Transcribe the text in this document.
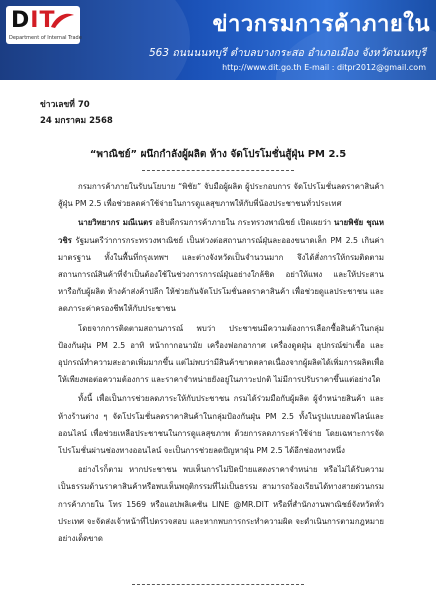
DIT
Department of Internal Trade
ข่าวกรมการค้าภายใน
563 ถนนนนทบุรี ตำบลบางกระสอ อำเภอเมือง จังหวัดนนทบุรี
http://www.dit.go.th E-mail : ditpr2012@gmail.com
ข่าวเลขที่ 70
24 มกราคม 2568
“พาณิชย์” ผนึกกำลังผู้ผลิต ห้าง จัดโปรโมชั่นสู้ฝุ่น PM 2.5

กรมการค้าภายในรับนโยบาย “พิชัย” จับมือผู้ผลิต ผู้ประกอบการ จัดโปรโมชั่นลดราคาสินค้าสู้ฝุ่น PM 2.5 เพื่อช่วยลดค่าใช้จ่ายในการดูแลสุขภาพให้กับพี่น้องประชาชนทั่วประเทศ

นายวิทยากร มณีเนตร อธิบดีกรมการค้าภายใน กระทรวงพาณิชย์ เปิดเผยว่า นายพิชัย ชุณหวชิร รัฐมนตรีว่าการกระทรวงพาณิชย์ เป็นห่วงต่อสถานการณ์ฝุ่นละอองขนาดเล็ก PM 2.5 เกินค่ามาตรฐาน ทั้งในพื้นที่กรุงเทพฯ และต่างจังหวัดเป็นจำนวนมาก จึงได้สั่งการให้กรมติดตามสถานการณ์สินค้าที่จำเป็นต้องใช้ในช่วงการการณ์ฝุ่นอย่างใกล้ชิด อย่าให้แพง และให้ประสานหารือกับผู้ผลิต ห้างค้าส่งค้าปลีก ให้ช่วยกันจัดโปรโมชั่นลดราคาสินค้า เพื่อช่วยดูแลประชาชน และลดภาระค่าครองชีพให้กับประชาชน

โดยจากการติดตามสถานการณ์ พบว่า ประชาชนมีความต้องการเลือกซื้อสินค้าในกลุ่มป้องกันฝุ่น PM 2.5 อาทิ หน้ากากอนามัย เครื่องฟอกอากาศ เครื่องดูดฝุ่น อุปกรณ์ฆ่าเชื้อ และอุปกรณ์ทำความสะอาดเพิ่มมากขึ้น แต่ไม่พบว่ามีสินค้าขาดตลาดเนื่องจากผู้ผลิตได้เพิ่มการผลิตเพื่อให้เพียงพอต่อความต้องการ และราคาจำหน่ายยังอยู่ในภาวะปกติ ไม่มีการปรับราคาขึ้นแต่อย่างใด

ทั้งนี้ เพื่อเป็นการช่วยลดภาระให้กับประชาชน กรมได้ร่วมมือกับผู้ผลิต ผู้จำหน่ายสินค้า และห้างร้านต่าง ๆ จัดโปรโมชั่นลดราคาสินค้าในกลุ่มป้องกันฝุ่น PM 2.5 ทั้งในรูปแบบออฟไลน์และออนไลน์ เพื่อช่วยเหลือประชาชนในการดูแลสุขภาพ ด้วยการลดภาระค่าใช้จ่าย โดยเฉพาะการจัดโปรโมชั่นผ่านช่องทางออนไลน์ จะเป็นการช่วยลดปัญหาฝุ่น PM 2.5 ได้อีกช่องทางหนึ่ง

อย่างไรก็ตาม หากประชาชน พบเห็นการไม่ปิดป้ายแสดงราคาจำหน่าย หรือไม่ได้รับความเป็นธรรมด้านราคาสินค้าหรือพบเห็นพฤติกรรมที่ไม่เป็นธรรม สามารถร้องเรียนได้ทางสายด่วนกรมการค้าภายใน โทร 1569 หรือแอปพลิเคชัน LINE @MR.DIT หรือที่สำนักงานพาณิชย์จังหวัดทั่วประเทศ จะจัดส่งเจ้าหน้าที่ไปตรวจสอบ และหากพบการกระทำความผิด จะดำเนินการตามกฎหมายอย่างเด็ดขาด
